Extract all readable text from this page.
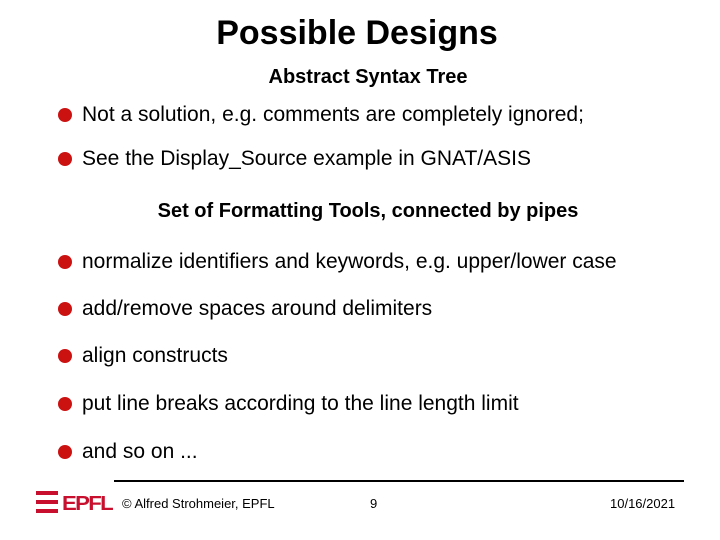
Possible Designs
Abstract Syntax Tree
Not a solution, e.g. comments are completely ignored;
See the Display_Source example in GNAT/ASIS
Set of Formatting Tools, connected by pipes
normalize identifiers and keywords, e.g. upper/lower case
add/remove spaces around delimiters
align constructs
put line breaks according to the line length limit
and so on ...
EPFL © Alfred Strohmeier, EPFL	9	10/16/2021
